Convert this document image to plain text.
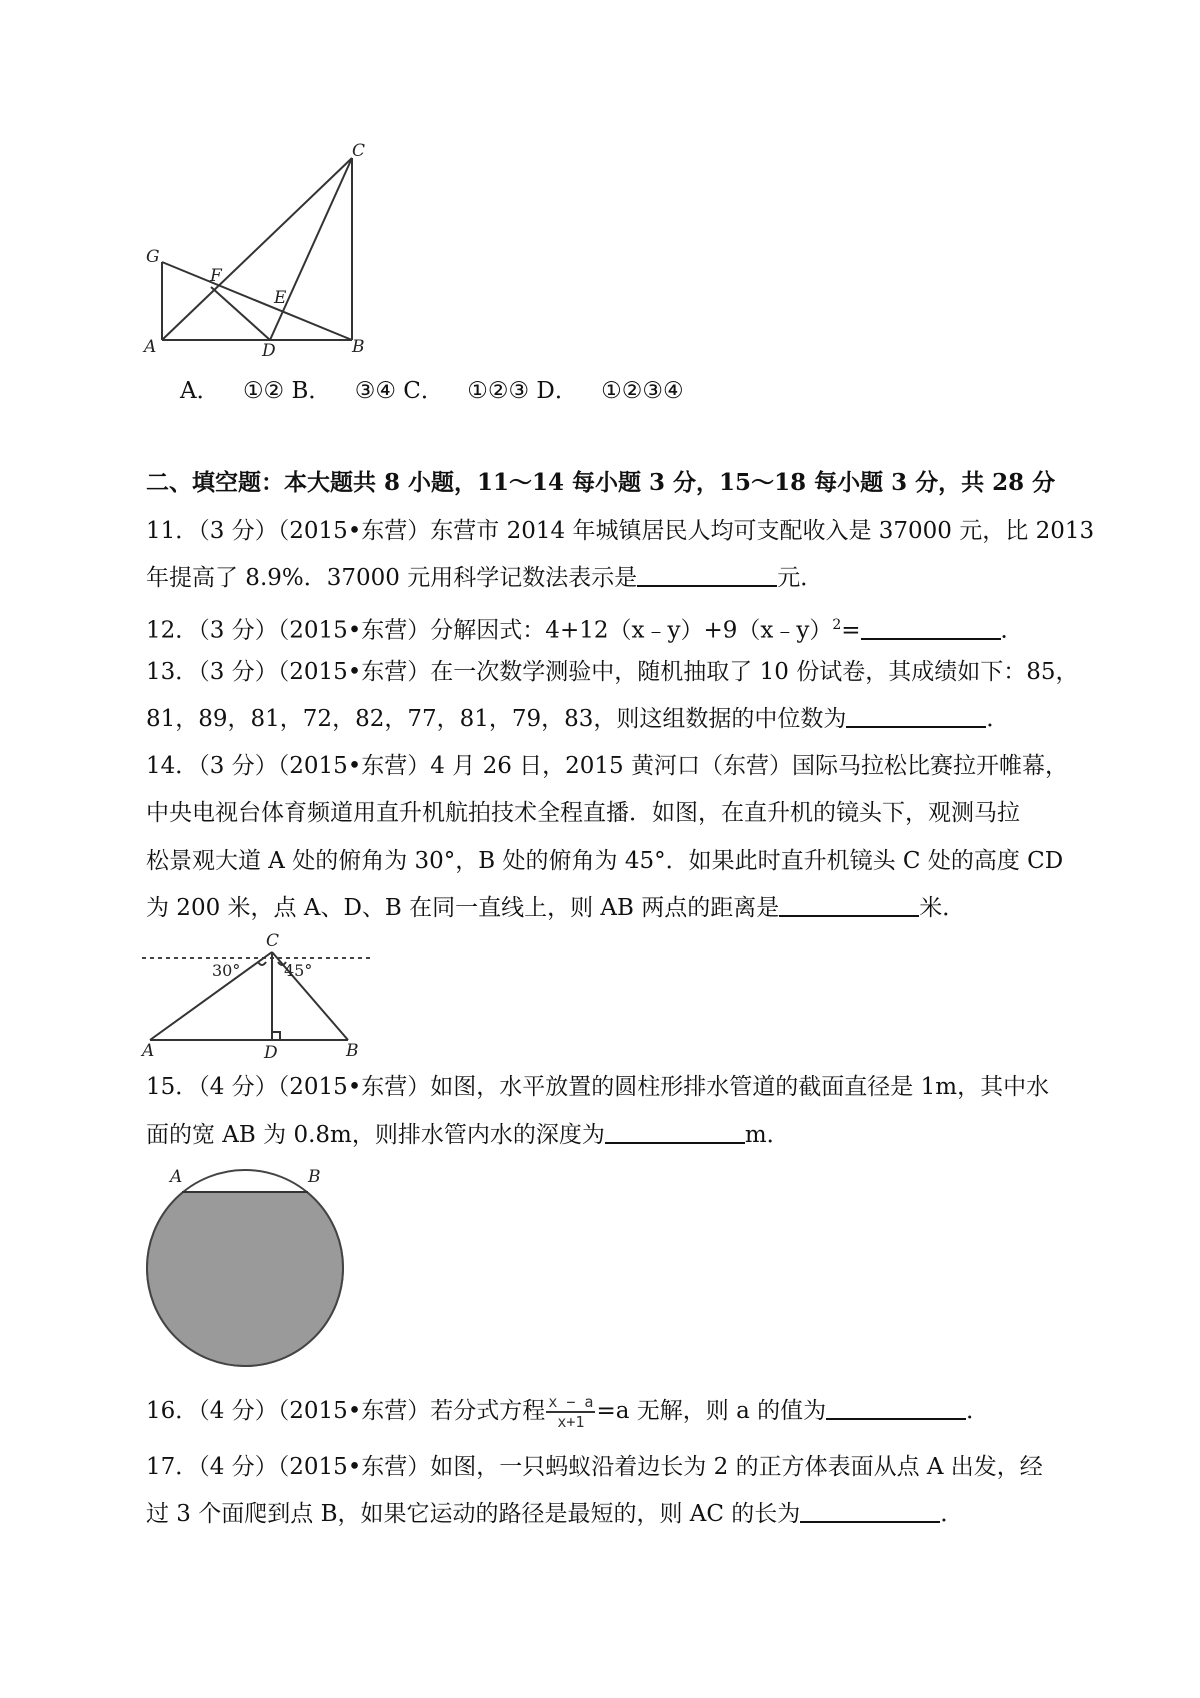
G
F
E
C
A	D	B
A． ①② B． ③④ C． ①②③ D． ①②③④
二、填空题：本大题共 8 小题，11～14 每小题 3 分，15～18 每小题 3 分，共 28 分
11．（3 分）（2015•东营）东营市 2014 年城镇居民人均可支配收入是 37000 元，比 2013
年提高了 8.9%．37000 元用科学记数法表示是	元．
12．（3 分）（2015•东营）分解因式：4+12（x﹣y）+9（x﹣y）$^2$=	．
13．（3 分）（2015•东营）在一次数学测验中，随机抽取了 10 份试卷，其成绩如下：85，
81，89，81，72，82，77，81，79，83，则这组数据的中位数为	．
14．（3 分）（2015•东营）4 月 26 日，2015 黄河口（东营）国际马拉松比赛拉开帷幕，
中央电视台体育频道用直升机航拍技术全程直播．如图，在直升机的镜头下，观测马拉
松景观大道 A 处的俯角为 30°，B 处的俯角为 45°．如果此时直升机镜头 C 处的高度 CD
为 200 米，点 A、D、B 在同一直线上，则 AB 两点的距离是	米．
C
30°	45°
A	D	B
15．（4 分）（2015•东营）如图，水平放置的圆柱形排水管道的截面直径是 1m，其中水
面的宽 AB 为 0.8m，则排水管内水的深度为	m．
A	B
16．（4 分）（2015•东营）若分式方程 $\frac{x - a}{x+1} =a$ 无解，则 a 的值为	．
17．（4 分）（2015•东营）如图，一只蚂蚁沿着边长为 2 的正方体表面从点 A 出发，经
过 3 个面爬到点 B，如果它运动的路径是最短的，则 AC 的长为	．
